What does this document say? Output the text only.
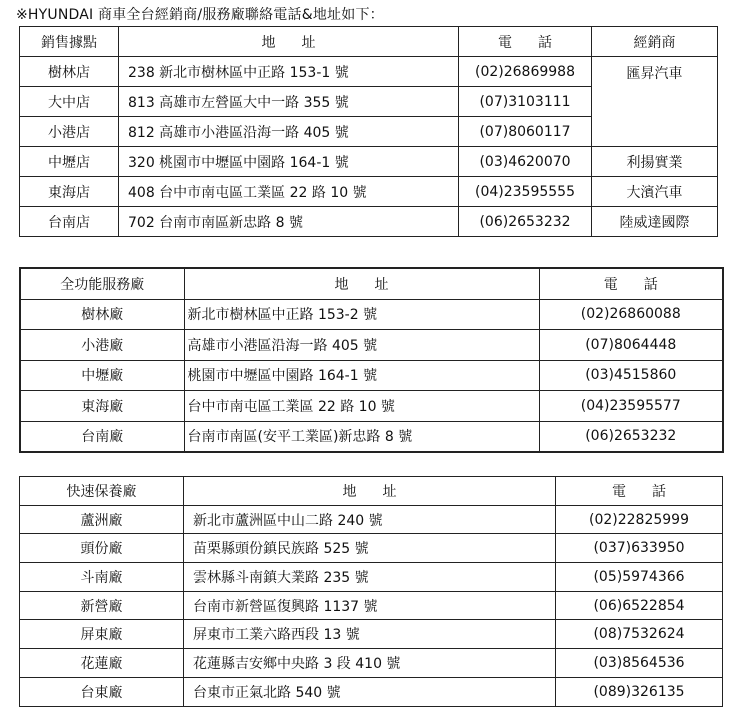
※HYUNDAI 商車全台經銷商/服務廠聯絡電話&地址如下：
銷售據點	地址	電話	經銷商
樹林店	238 新北市樹林區中正路 153-1 號	(02)26869988	匯昇汽車
大中店	813 高雄市左營區大中一路 355 號	(07)3103111	
小港店	812 高雄市小港區沿海一路 405 號	(07)8060117	
中壢店	320 桃園市中壢區中園路 164-1 號	(03)4620070	利揚實業
東海店	408 台中市南屯區工業區 22 路 10 號	(04)23595555	大濱汽車
台南店	702 台南市南區新忠路 8 號	(06)2653232	陸威達國際
全功能服務廠	地址	電話
樹林廠	新北市樹林區中正路 153-2 號	(02)26860088
小港廠	高雄市小港區沿海一路 405 號	(07)8064448
中壢廠	桃園市中壢區中園路 164-1 號	(03)4515860
東海廠	台中市南屯區工業區 22 路 10 號	(04)23595577
台南廠	台南市南區(安平工業區)新忠路 8 號	(06)2653232
快速保養廠	地址	電話
蘆洲廠	新北市蘆洲區中山二路 240 號	(02)22825999
頭份廠	苗栗縣頭份鎮民族路 525 號	(037)633950
斗南廠	雲林縣斗南鎮大業路 235 號	(05)5974366
新營廠	台南市新營區復興路 1137 號	(06)6522854
屏東廠	屏東市工業六路西段 13 號	(08)7532624
花蓮廠	花蓮縣吉安鄉中央路 3 段 410 號	(03)8564536
台東廠	台東市正氣北路 540 號	(089)326135
